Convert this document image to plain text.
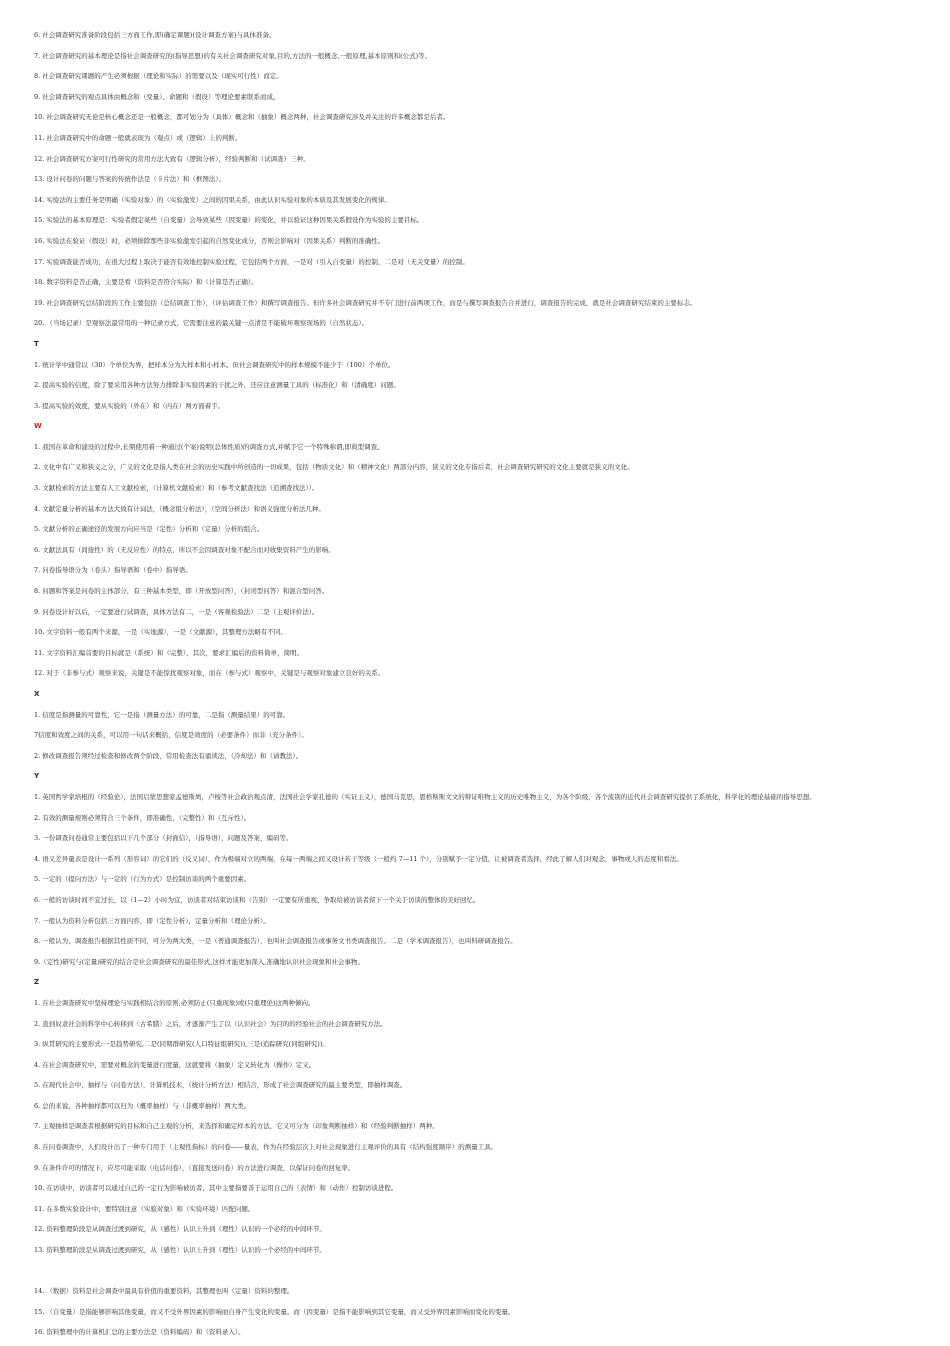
6. 社会调查研究准备阶段包括三方面工作,即(确定课题)(设计调查方案)与具体准备。
7. 社会调查研究的基本理论是指社会调查研究的(指导思想)的有关社会调查研究对象,目的,方法的一般概念,一般原理,基本原则和(公式)等。
8. 社会调查研究课题的产生必须根据（理论和实际）的需要以及（现实可行性）而定。
9. 社会调查研究的观点具体由概念和（变量）、命题和（假设）等理论要素联系而成。
10. 社会调查研究无论是核心概念还是一般概念，都可划分为（具体）概念和（抽象）概念两种，社会调查研究涉及并关注的许多概念都是后者。
11. 社会调查研究中的命题一般就表现为（观点）或（逻辑）上的判断。
12. 社会调查研究方案可行性研究的常用方法大致有（逻辑分析），经验判断和（试调查）三种。
13. 设计问卷的问题与答案的传统作法是（卡片法）和（框图法）。
14. 实验法的主要任务是明确（实验对象）的（实验激发）之间的因果关系，由此认识实验对象的本质及其发展变化的规律。
15. 实验法的基本原理是：实验者假定某些（自变量）会导致某些（因变量）的变化，并以验证这种因果关系假设作为实验的主要目标。
16. 实验法在验证（假设）时，必须排除那些非实验激发引起的自然变化成分，否则会影响对（因果关系）判断的准确性。
17. 实验调查能否成功，在很大过程上取决于能否有效地控制实验过程，它包括两个方面，一是对（引入自变量）的控制，二是对（无关变量）的控制。
18. 数字资料是否正确，主要是看（资料是否符合实际）和（计算是否正确）。
19. 社会调查研究总结阶段的工作主要包括（总结调查工作），（评估调查工作）和撰写调查报告。但许多社会调查研究并不专门进行前两项工作，而是与撰写调查报告合并进行，调查报告的完成，就是社会调查研究结束的主要标志。
20. （当场记录）是观察法最常用的一种记录方式，它需要注意的最关键一点清是不能破坏观察现场的（自然状态）。
T
1. 统计学中通常以（30）个单位为界，把样本分为大样本和小样本。但社会调查研究中的样本规模不能少于（100）个单位。
2. 提高实验的信度，除了要采用各种方法努力排除非实验因素的干扰之外，还应注意测量工具的（标准化）和（清确度）问题。
3. 提高实验的效度，要从实验的（外在）和（内在）两方面着手。
W
1. 我国在革命和建设的过程中,长期使用着一种通过(个案)说明(总体性质)的调查方式,并赋予它一个特殊称谓,即典型调查。
2. 文化中有广义和狭义之分，广义的文化是指人类在社会的历史实践中所创造的一切成果，包括（物质文化）和（精神文化）两部分内容，狭义的文化专指后者，社会调查研究研究的文化主要就是狭义的文化。
3. 文献检索的方法主要有人工文献检索，（计算机文献检索）和（参考文献查找法（追溯查找法））。
4. 文献定量分析的基本方法大致有计词法，（概念组分析法），（空间分析法）和语义强度分析法几种。
5. 文献分析的正确途径的发展方向应当是（定性）分析和（定量）分析的组合。
6. 文献法具有（间接性）的（无反应性）的特点，所以不会因调查对象不配合而对收集资料产生的影响。
7. 问卷指导语分为（卷头）指导语和（卷中）指导语。
8. 问题和答案是问卷的主体部分，有三种基本类型，即（开放型问答），（封闭型问答）和混合型问答。
9. 问卷设计好以后，一定要进行试调查，具体方法有二，一是（客观检验法）二是（主观评价法）。
10. 文字资料一般有两个来源，一是（实地源），一是（文献源），其整理方法略有不同。
11. 文字资料汇编首要的目标就是（系统）和（完整），其次，要求汇编后的资料简单，简明。
12. 对于（非参与式）观察来说，关键是不能惊扰观察对象，而在（参与式）观察中，关键是与观察对象建立良好的关系。
X
1. 信度是指测量的可靠性，它一是指（测量方法）的可靠，二是指（测量结果）的可靠。
7信度和效度之间的关系，可以用一句话来概括，信度是效度的（必要条件）而非（充分条件）。
2. 修改调查报告须经过检查和修改两个阶段，常用检查法有诵读法，（冷却法）和（请教法）。
Y
1. 英国哲学家培根的（经验论），法国启蒙思想家孟德斯鸠，卢梭等社会政治观点清，法国社会学家孔德的（实证主义），德国马克思，恩格斯斯文文的辩证唯物主义的历史唯物主义，为各个阶级，各个流别的近代社会调查研究提供了系统化，科学化的理论基础的指导思想。
2. 有效的测量规则必须符合三个条件，即准确性，（完整性）和（互斥性）。
3. 一份调查问卷通常主要包括以下几个部分（封面信），（指导语），问题及答案，编码等。
4. 语义差异量表是设计一系列（形容词）的它们的（反义词），作为极端对立的两端，在每一两端之间又设计若干等级（一般约 7—11 个），分别赋予一定分值，让被调查者选择，经此了解人们对观念，事物或人的态度和看法。
5. 一定的（提问方法）与一定的（行为方式）是控制访谈的两个重要因素。
6. 一般的访谈时间不宜过长，以（1—2）小时为宜，访谈者对结束访谈和（告别）一定要有所重视，争取给被访谈者留下一个关于访谈的整体的美好回忆。
7. 一般认为资料分析包括三方面内容，即（定性分析），定量分析和（理论分析）。
8. 一般认为，调查报告根据其性质不同，可分为两大类，一是（普通调查报告），也叫社会调查报告或事务文书类调查报告。二是（学术调查报告），也叫科研调查报告。
9.（定性)研究与(定量)研究的结合是社会调查研究的最佳形式,这样才能更加深入,准确地认识社会现象和社会事物。
Z
1. 在社会调查研究中坚持理论与实践相结合的原则,必须防止(只重现象)或(只重理论)这两种倾向。
2. 直到奴隶社会的科学中心转移到（古希腊）之后，才逐渐产生了以（认识社会）为目的的经验社会的社会调查研究方法。
3. 纵贯研究的主要形式:一是趋势研究,二是(同期群研究(人口特征组研究)),三是(追踪研究(同组研究))。
4. 在社会调查研究中，需要对概念的变量进行度量，这就要将（抽象）定义转化为（操作）定义。
5. 在现代社会中，抽样与（问卷方法），计算机技术，（统计分析方法）相结合，形成了社会调查研究的最主要类型，即抽样调查。
6. 总的来说，各种抽样都可以归为（概率抽样）与（非概率抽样）两大类。
7. 主观抽样是调查者根据研究的目标和自己主观的分析，来选择和确定样本的方法，它又可分为（印象判断抽样）和（经验判断抽样）两种。
8. 在问卷调查中，人们设计出了一种专门用于（主观性指标）的问卷——量表，作为在经验层次上对社会现象进行主观评价的具有（结构强度顺序）的测量工具。
9. 在条件许可的情况下，应尽可能采取（电话问卷），（直接发送问卷）的方法进行调查，以保证问卷的回复率。
10. 在访谈中，访谈者可以通过自己的一定行为影响被访者，其中主要指要善于运用自己的（表情）和（动作）控制访谈进程。
11. 在多数实验设计中，要特别注意（实验对象）和（实验环境）匹配问题。
12. 资料整理阶段是从调查过渡到研究，从（感性）认识上升到（理性）认识的一个必经的中间环节。
13. 资料整理阶段是从调查过渡到研究，从（感性）认识上升到（理性）认识的一个必经的中间环节。
14. （数据）资料是社会调查中最具有价值的重要资料，其整理也叫（定量）资料的整理。
15. （自变量）是指能够影响其他变量，而又不受外界因素的影响而自身产生变化的变量。而（因变量）是指不能影响到其它变量，而又受外界因素影响而变化的变量。
16. 资料整理中的计算机汇总的主要方法是（资料编码）和（资料录入）。
